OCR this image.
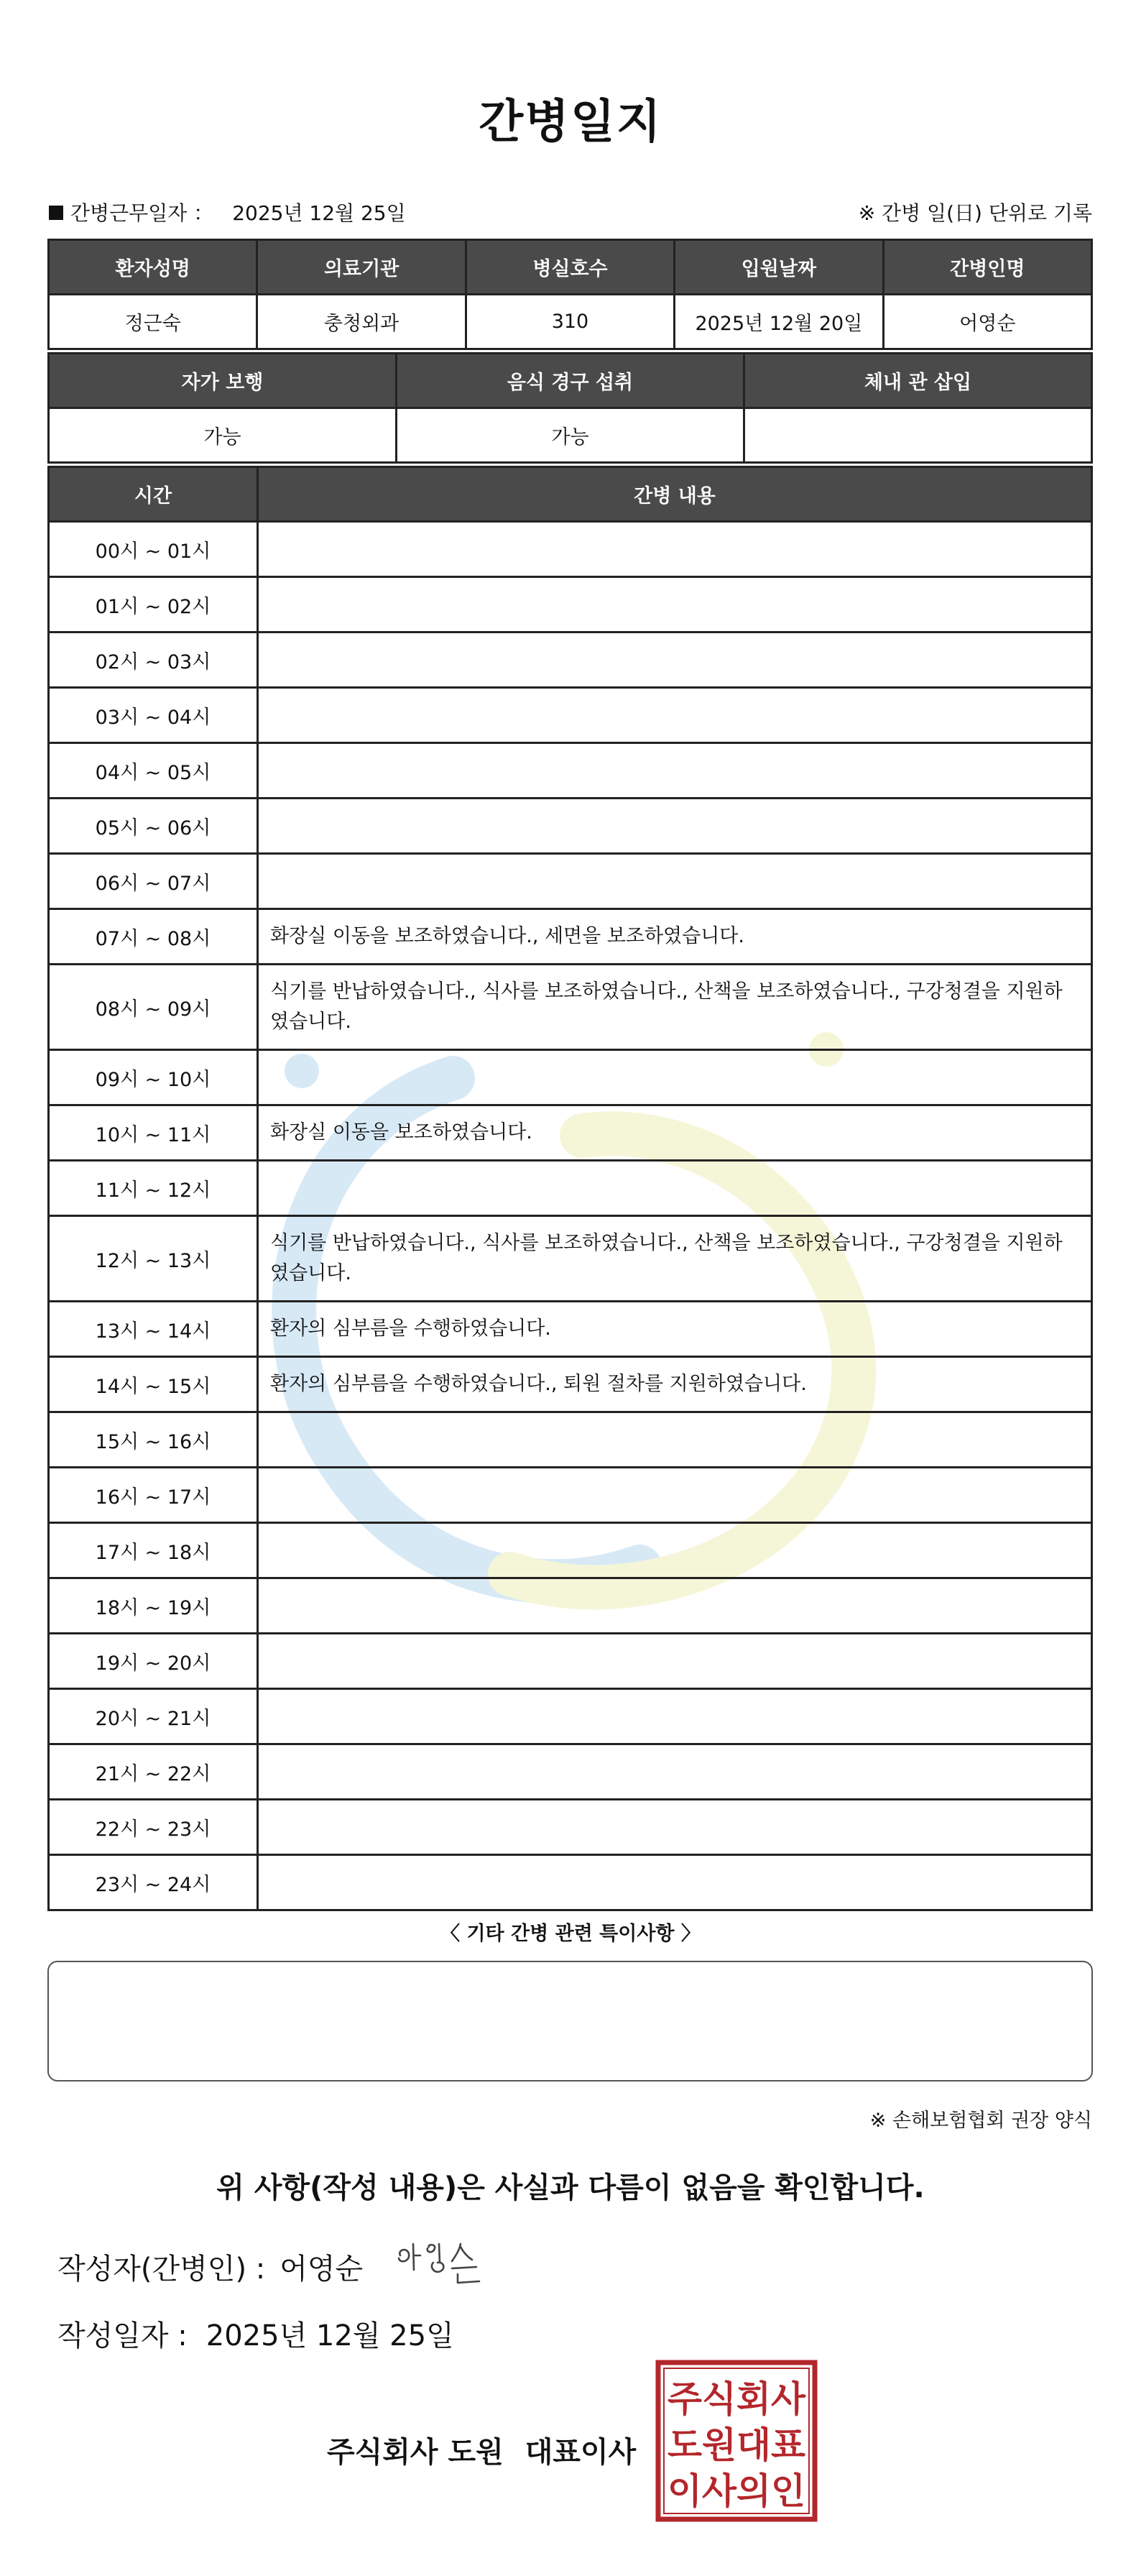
간병일지
간병근무일자 ： 2025년 12월 25일	※ 간병 일(日) 단위로 기록
환자성명	의료기관	병실호수	입원날짜	간병인명
정근숙	충청외과	310	2025년 12월 20일	어영순
자가 보행	음식 경구 섭취	체내 관 삽입
가능	가능	
시간	간병 내용
00시 ~ 01시	
01시 ~ 02시	
02시 ~ 03시	
03시 ~ 04시	
04시 ~ 05시	
05시 ~ 06시	
06시 ~ 07시	
07시 ~ 08시	화장실 이동을 보조하였습니다., 세면을 보조하였습니다.
08시 ~ 09시	식기를 반납하였습니다., 식사를 보조하였습니다., 산책을 보조하였습니다., 구강청결을 지원하였습니다.
09시 ~ 10시	
10시 ~ 11시	화장실 이동을 보조하였습니다.
11시 ~ 12시	
12시 ~ 13시	식기를 반납하였습니다., 식사를 보조하였습니다., 산책을 보조하였습니다., 구강청결을 지원하였습니다.
13시 ~ 14시	환자의 심부름을 수행하였습니다.
14시 ~ 15시	환자의 심부름을 수행하였습니다., 퇴원 절차를 지원하였습니다.
15시 ~ 16시	
16시 ~ 17시	
17시 ~ 18시	
18시 ~ 19시	
19시 ~ 20시	
20시 ~ 21시	
21시 ~ 22시	
22시 ~ 23시	
23시 ~ 24시	
〈 기타 간병 관련 특이사항 〉
※ 손해보험협회 권장 양식
위 사항(작성 내용)은 사실과 다름이 없음을 확인합니다.
작성자(간병인) : 어영순
작성일자 : 2025년 12월 25일
주식회사 도원 대표이사
주식회사
도원대표
이사의인
